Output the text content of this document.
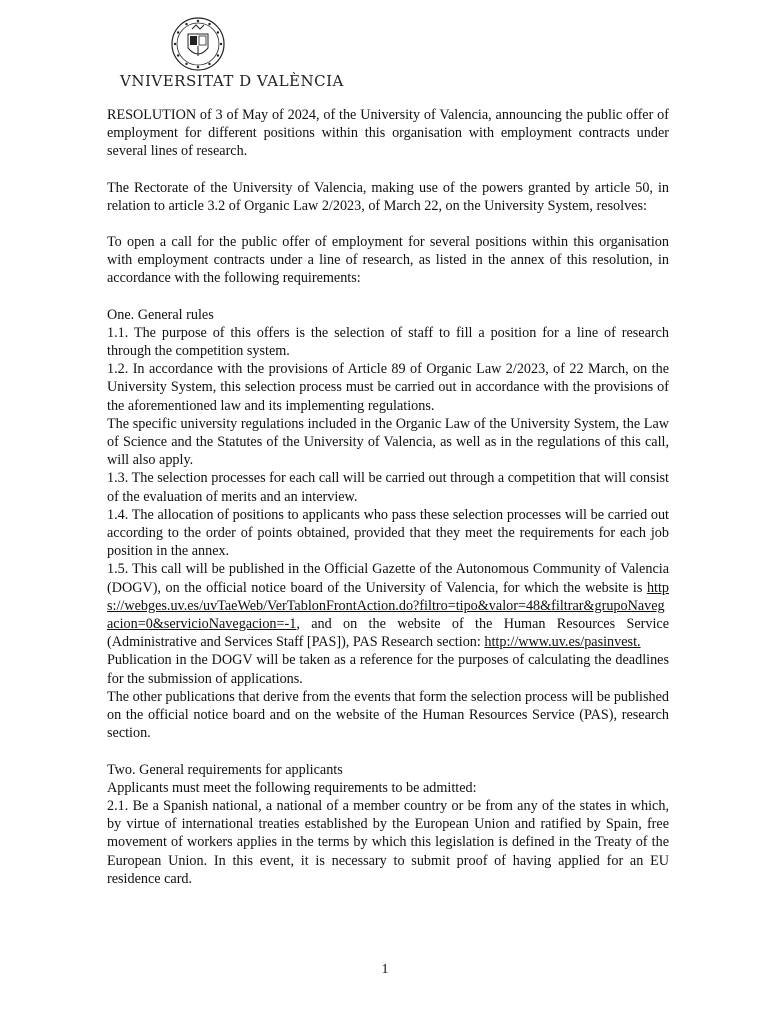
VNIVERSITAT D VALÈNCIA

RESOLUTION of 3 of May of 2024, of the University of Valencia, announcing the public offer of employment for different positions within this organisation with employment contracts under several lines of research.

The Rectorate of the University of Valencia, making use of the powers granted by article 50, in relation to article 3.2 of Organic Law 2/2023, of March 22, on the University System, resolves:

To open a call for the public offer of employment for several positions within this organisation with employment contracts under a line of research, as listed in the annex of this resolution, in accordance with the following requirements:

One. General rules

1.1. The purpose of this offers is the selection of staff to fill a position for a line of research through the competition system.

1.2. In accordance with the provisions of Article 89 of Organic Law 2/2023, of 22 March, on the University System, this selection process must be carried out in accordance with the provisions of the aforementioned law and its implementing regulations.

The specific university regulations included in the Organic Law of the University System, the Law of Science and the Statutes of the University of Valencia, as well as in the regulations of this call, will also apply.

1.3. The selection processes for each call will be carried out through a competition that will consist of the evaluation of merits and an interview.

1.4. The allocation of positions to applicants who pass these selection processes will be carried out according to the order of points obtained, provided that they meet the requirements for each job position in the annex.

1.5. This call will be published in the Official Gazette of the Autonomous Community of Valencia (DOGV), on the official notice board of the University of Valencia, for which the website is https://webges.uv.es/uvTaeWeb/VerTablonFrontAction.do?filtro=tipo&valor=48&filtrar&grupoNavegacion=0&servicioNavegacion=-1, and on the website of the Human Resources Service (Administrative and Services Staff [PAS]), PAS Research section: http://www.uv.es/pasinvest.

Publication in the DOGV will be taken as a reference for the purposes of calculating the deadlines for the submission of applications.

The other publications that derive from the events that form the selection process will be published on the official notice board and on the website of the Human Resources Service (PAS), research section.

Two. General requirements for applicants

Applicants must meet the following requirements to be admitted:

2.1. Be a Spanish national, a national of a member country or be from any of the states in which, by virtue of international treaties established by the European Union and ratified by Spain, free movement of workers applies in the terms by which this legislation is defined in the Treaty of the European Union. In this event, it is necessary to submit proof of having applied for an EU residence card.

1
